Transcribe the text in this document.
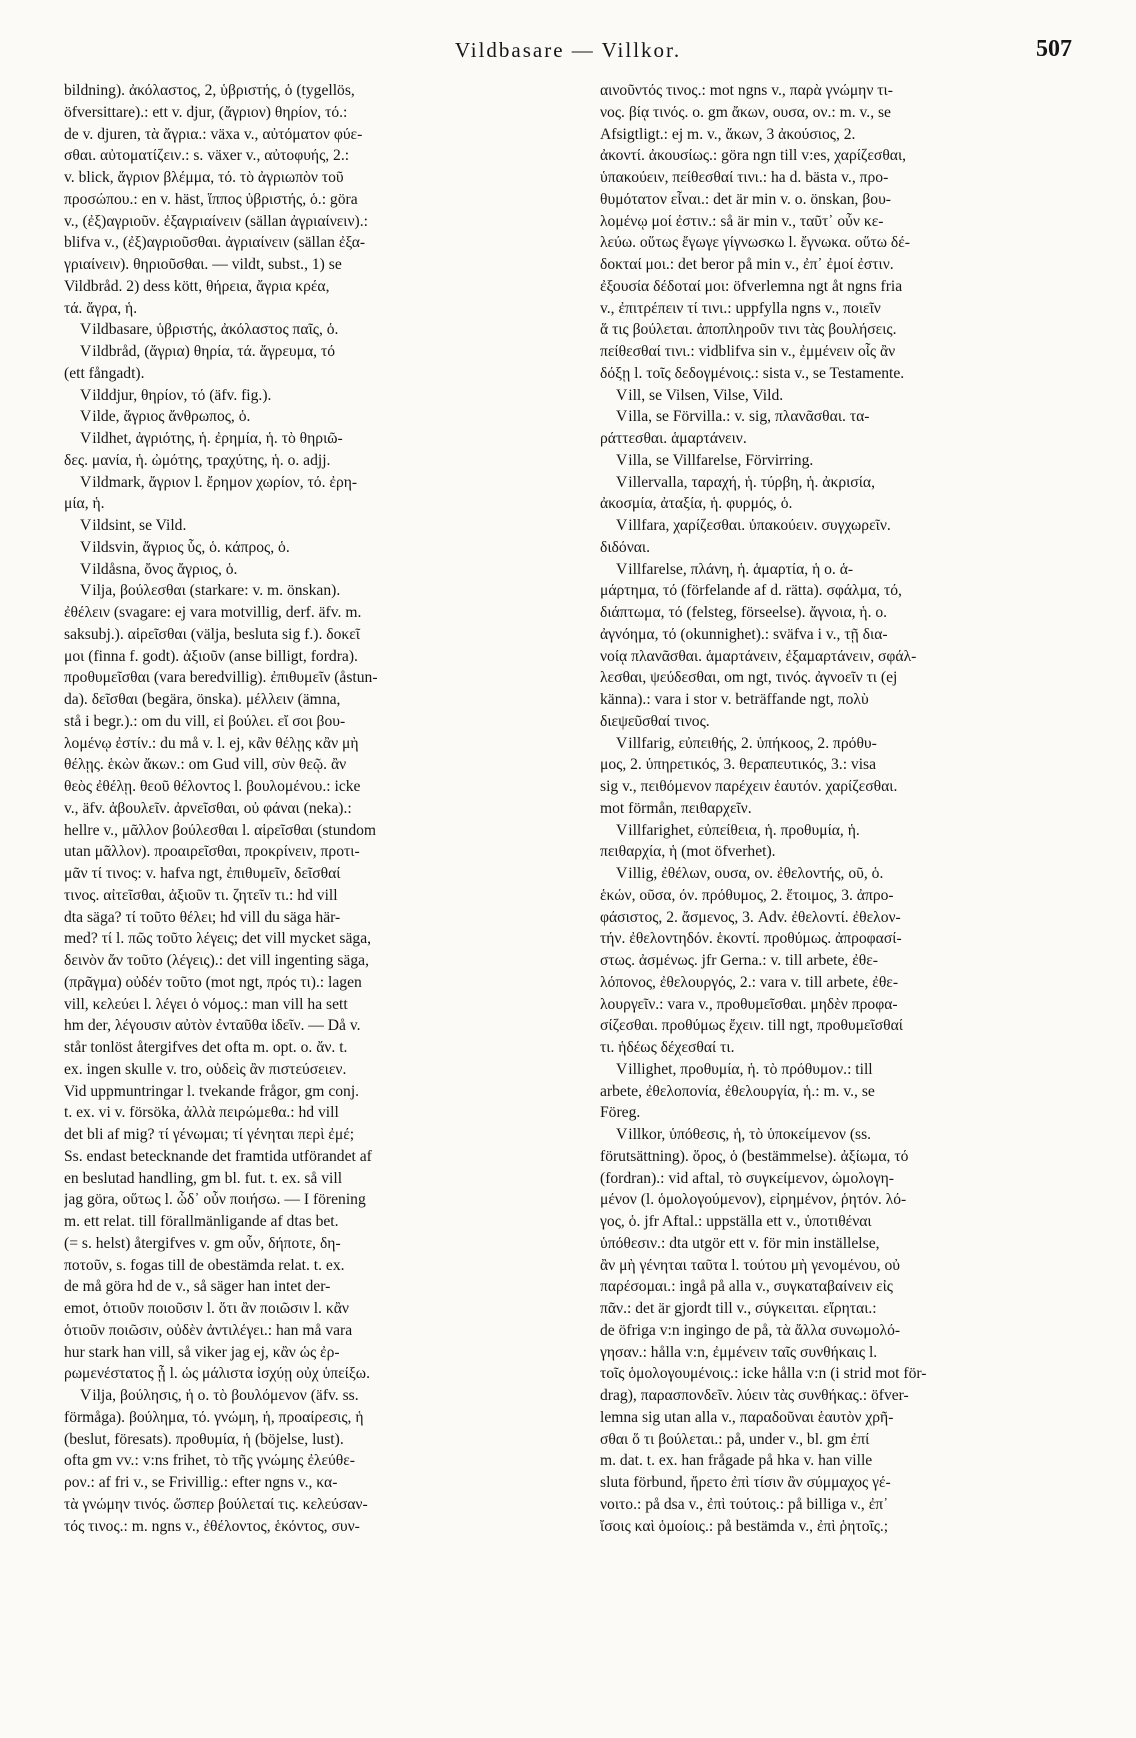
Vildbasare — Villkor.	507
bildning). ἀκόλαστος, 2, ὑβριστής, ὁ (tygellös,
öfversittare).: ett v. djur, (ἄγριον) θηρίον, τό.:
de v. djuren, τὰ ἄγρια.: växa v., αὐτόματον φύε-
σθαι. αὐτοματίζειν.: s. växer v., αὐτοφυής, 2.:
v. blick, ἄγριον βλέμμα, τό. τὸ ἀγριωπὸν τοῦ
προσώπου.: en v. häst, ἵππος ὑβριστής, ὁ.: göra
v., (ἐξ)αγριοῦν. ἐξαγριαίνειν (sällan ἀγριαίνειν).:
blifva v., (ἐξ)αγριοῦσθαι. ἀγριαίνειν (sällan ἐξα-
γριαίνειν). θηριοῦσθαι. — vildt, subst., 1) se
Vildbråd. 2) dess kött, θήρεια, ἄγρια κρέα,
τά. ἄγρα, ἡ.
Vildbasare, ὑβριστής, ἀκόλαστος παῖς, ὁ.
Vildbråd, (ἄγρια) θηρία, τά. ἄγρευμα, τό
(ett fångadt).
Vilddjur, θηρίον, τό (äfv. fig.).
Vilde, ἄγριος ἄνθρωπος, ὁ.
Vildhet, ἀγριότης, ἡ. ἐρημία, ἡ. τὸ θηριῶ-
δες. μανία, ἡ. ὠμότης, τραχύτης, ἡ. o. adjj.
Vildmark, ἄγριον l. ἔρημον χωρίον, τό. ἐρη-
μία, ἡ.
Vildsint, se Vild.
Vildsvin, ἄγριος ὗς, ὁ. κάπρος, ὁ.
Vildåsna, ὄνος ἄγριος, ὁ.
Vilja, βούλεσθαι (starkare: v. m. önskan).
ἐθέλειν (svagare: ej vara motvillig, derf. äfv. m.
saksubj.). αἱρεῖσθαι (välja, besluta sig f.). δοκεῖ
μοι (finna f. godt). ἀξιοῦν (anse billigt, fordra).
προθυμεῖσθαι (vara beredvillig). ἐπιθυμεῖν (åstun-
da). δεῖσθαι (begära, önska). μέλλειν (ämna,
stå i begr.).: om du vill, εἰ βούλει. εἴ σοι βου-
λομένῳ ἐστίν.: du må v. l. ej, κἂν θέλῃς κἂν μὴ
θέλῃς. ἑκὼν ἄκων.: om Gud vill, σὺν θεῷ. ἂν
θεὸς ἐθέλῃ. θεοῦ θέλοντος l. βουλομένου.: icke
v., äfv. ἀβουλεῖν. ἀρνεῖσθαι, οὐ φάναι (neka).:
hellre v., μᾶλλον βούλεσθαι l. αἱρεῖσθαι (stundom
utan μᾶλλον). προαιρεῖσθαι, προκρίνειν, προτι-
μᾶν τί τινος: v. hafva ngt, ἐπιθυμεῖν, δεῖσθαί
τινος. αἰτεῖσθαι, ἀξιοῦν τι. ζητεῖν τι.: hd vill
dta säga? τί τοῦτο θέλει; hd vill du säga här-
med? τί l. πῶς τοῦτο λέγεις; det vill mycket säga,
δεινὸν ἄν τοῦτο (λέγεις).: det vill ingenting säga,
(πρᾶγμα) οὐδέν τοῦτο (mot ngt, πρός τι).: lagen
vill, κελεύει l. λέγει ὁ νόμος.: man vill ha sett
hm der, λέγουσιν αὐτὸν ἐνταῦθα ἰδεῖν. — Då v.
står tonlöst återgifves det ofta m. opt. o. ἄν. t.
ex. ingen skulle v. tro, οὐδεὶς ἂν πιστεύσειεν.
Vid uppmuntringar l. tvekande frågor, gm conj.
t. ex. vi v. försöka, ἀλλὰ πειρώμεθα.: hd vill
det bli af mig? τί γένωμαι; τί γένηται περὶ ἐμέ;
Ss. endast betecknande det framtida utförandet af
en beslutad handling, gm bl. fut. t. ex. så vill
jag göra, οὕτως l. ὧδ᾽ οὖν ποιήσω. — I förening
m. ett relat. till förallmänligande af dtas bet.
(= s. helst) återgifves v. gm οὖν, δήποτε, δη-
ποτοῦν, s. fogas till de obestämda relat. t. ex.
de må göra hd de v., så säger han intet der-
emot, ὁτιοῦν ποιοῦσιν l. ὅτι ἂν ποιῶσιν l. κἂν
ὁτιοῦν ποιῶσιν, οὐδὲν ἀντιλέγει.: han må vara
hur stark han vill, så viker jag ej, κἂν ὡς ἐρ-
ρωμενέστατος ᾖ l. ὡς μάλιστα ἰσχύῃ οὐχ ὑπείξω.
Vilja, βούλησις, ἡ o. τὸ βουλόμενον (äfv. ss.
förmåga). βούλημα, τό. γνώμη, ἡ, προαίρεσις, ἡ
(beslut, föresats). προθυμία, ἡ (böjelse, lust).
ofta gm vv.: v:ns frihet, τὸ τῆς γνώμης ἐλεύθε-
ρον.: af fri v., se Frivillig.: efter ngns v., κα-
τὰ γνώμην τινός. ὥσπερ βούλεταί τις. κελεύσαν-
τός τινος.: m. ngns v., ἐθέλοντος, ἑκόντος, συν-
αινοῦντός τινος.: mot ngns v., παρὰ γνώμην τι-
νος. βίᾳ τινός. o. gm ἄκων, ουσα, ον.: m. v., se
Afsigtligt.: ej m. v., ἄκων, 3 ἀκούσιος, 2.
ἀκοντί. ἀκουσίως.: göra ngn till v:es, χαρίζεσθαι,
ὑπακούειν, πείθεσθαί τινι.: ha d. bästa v., προ-
θυμότατον εἶναι.: det är min v. o. önskan, βου-
λομένῳ μοί ἐστιν.: så är min v., ταῦτ᾽ οὖν κε-
λεύω. οὕτως ἔγωγε γίγνωσκω l. ἔγνωκα. οὕτω δέ-
δοκταί μοι.: det beror på min v., ἐπ᾽ ἐμοί ἐστιν.
ἐξουσία δέδοταί μοι: öfverlemna ngt åt ngns fria
v., ἐπιτρέπειν τί τινι.: uppfylla ngns v., ποιεῖν
ἅ τις βούλεται. ἀποπληροῦν τινι τὰς βουλήσεις.
πείθεσθαί τινι.: vidblifva sin v., ἐμμένειν οἷς ἂν
δόξῃ l. τοῖς δεδογμένοις.: sista v., se Testamente.
Vill, se Vilsen, Vilse, Vild.
Villa, se Förvilla.: v. sig, πλανᾶσθαι. τα-
ράττεσθαι. ἁμαρτάνειν.
Villa, se Villfarelse, Förvirring.
Villervalla, ταραχή, ἡ. τύρβη, ἡ. ἀκρισία,
ἀκοσμία, ἀταξία, ἡ. φυρμός, ὁ.
Villfara, χαρίζεσθαι. ὑπακούειν. συγχωρεῖν.
διδόναι.
Villfarelse, πλάνη, ἡ. ἁμαρτία, ἡ o. ἁ-
μάρτημα, τό (förfelande af d. rätta). σφάλμα, τό,
διάπτωμα, τό (felsteg, förseelse). ἄγνοια, ἡ. o.
ἀγνόημα, τό (okunnighet).: sväfva i v., τῇ δια-
νοίᾳ πλανᾶσθαι. ἁμαρτάνειν, ἐξαμαρτάνειν, σφάλ-
λεσθαι, ψεύδεσθαι, om ngt, τινός. ἀγνοεῖν τι (ej
känna).: vara i stor v. beträffande ngt, πολὺ
διεψεῦσθαί τινος.
Villfarig, εὐπειθής, 2. ὑπήκοος, 2. πρόθυ-
μος, 2. ὑπηρετικός, 3. θεραπευτικός, 3.: visa
sig v., πειθόμενον παρέχειν ἑαυτόν. χαρίζεσθαι.
mot förmån, πειθαρχεῖν.
Villfarighet, εὐπείθεια, ἡ. προθυμία, ἡ.
πειθαρχία, ἡ (mot öfverhet).
Villig, ἐθέλων, ουσα, ον. ἐθελοντής, οῦ, ὁ.
ἑκών, οῦσα, όν. πρόθυμος, 2. ἕτοιμος, 3. ἀπρο-
φάσιστος, 2. ἄσμενος, 3. Adv. ἐθελοντί. ἐθελον-
τήν. ἐθελοντηδόν. ἑκοντί. προθύμως. ἀπροφασί-
στως. ἀσμένως. jfr Gerna.: v. till arbete, ἐθε-
λόπονος, ἐθελουργός, 2.: vara v. till arbete, ἐθε-
λουργεῖν.: vara v., προθυμεῖσθαι. μηδὲν προφα-
σίζεσθαι. προθύμως ἔχειν. till ngt, προθυμεῖσθαί
τι. ἡδέως δέχεσθαί τι.
Villighet, προθυμία, ἡ. τὸ πρόθυμον.: till
arbete, ἐθελοπονία, ἐθελουργία, ἡ.: m. v., se
Föreg.
Villkor, ὑπόθεσις, ἡ, τὸ ὑποκείμενον (ss.
förutsättning). ὅρος, ὁ (bestämmelse). ἀξίωμα, τό
(fordran).: vid aftal, τὸ συγκείμενον, ὡμολογη-
μένον (l. ὁμολογούμενον), εἰρημένον, ῥητόν. λό-
γος, ὁ. jfr Aftal.: uppställa ett v., ὑποτιθέναι
ὑπόθεσιν.: dta utgör ett v. för min inställelse,
ἂν μὴ γένηται ταῦτα l. τούτου μὴ γενομένου, οὐ
παρέσομαι.: ingå på alla v., συγκαταβαίνειν εἰς
πᾶν.: det är gjordt till v., σύγκειται. εἴρηται.:
de öfriga v:n ingingo de på, τὰ ἄλλα συνωμολό-
γησαν.: hålla v:n, ἐμμένειν ταῖς συνθήκαις l.
τοῖς ὁμολογουμένοις.: icke hålla v:n (i strid mot för-
drag), παρασπονδεῖν. λύειν τὰς συνθήκας.: öfver-
lemna sig utan alla v., παραδοῦναι ἑαυτὸν χρῆ-
σθαι ὅ τι βούλεται.: på, under v., bl. gm ἐπί
m. dat. t. ex. han frågade på hka v. han ville
sluta förbund, ἤρετο ἐπὶ τίσιν ἂν σύμμαχος γέ-
νοιτο.: på dsa v., ἐπὶ τούτοις.: på billiga v., ἐπ᾽
ἴσοις καὶ ὁμοίοις.: på bestämda v., ἐπὶ ῥητοῖς.;
